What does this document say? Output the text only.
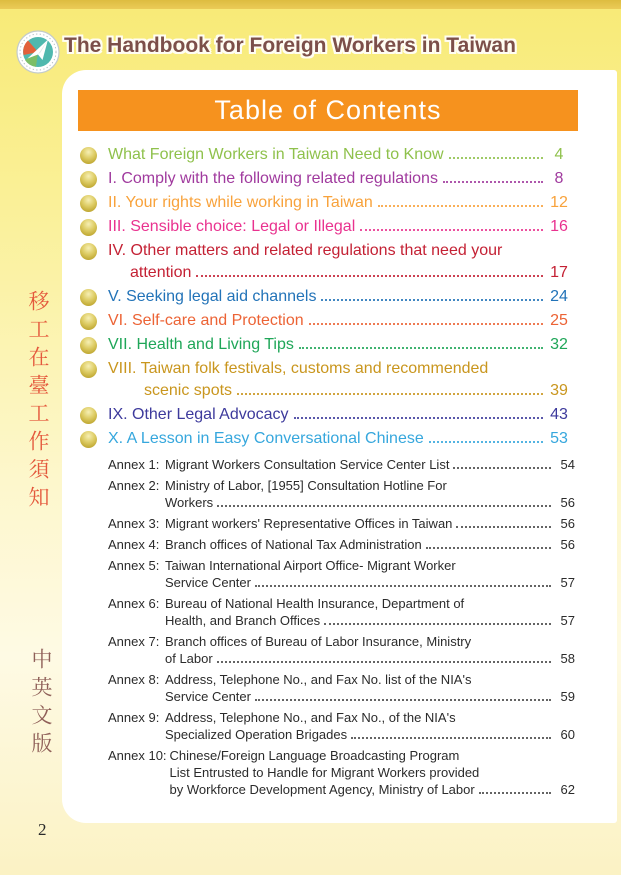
The Handbook for Foreign Workers in Taiwan
Table of Contents
What Foreign Workers in Taiwan Need to Know	4
I. Comply with the following related regulations	8
II. Your rights while working in Taiwan	12
III. Sensible choice: Legal or Illegal	16
IV. Other matters and related regulations that need your
attention	17
V. Seeking legal aid channels	24
VI. Self-care and Protection	25
VII. Health and Living Tips	32
VIII. Taiwan folk festivals, customs and recommended
scenic spots	39
IX. Other Legal Advocacy	43
X. A Lesson in Easy Conversational Chinese	53
Annex 1: Migrant Workers Consultation Service Center List	54
Annex 2: Ministry of Labor, [1955] Consultation Hotline For
Workers	56
Annex 3: Migrant workers' Representative Offices in Taiwan	56
Annex 4: Branch offices of National Tax Administration	56
Annex 5: Taiwan International Airport Office- Migrant Worker
Service Center	57
Annex 6: Bureau of National Health Insurance, Department of
Health, and Branch Offices	57
Annex 7: Branch offices of Bureau of Labor Insurance, Ministry
of Labor	58
Annex 8: Address, Telephone No., and Fax No. list of the NIA's
Service Center	59
Annex 9: Address, Telephone No., and Fax No., of the NIA's
Specialized Operation Brigades	60
Annex 10: Chinese/Foreign Language Broadcasting Program
List Entrusted to Handle for Migrant Workers provided
by Workforce Development Agency, Ministry of Labor	62
移工在臺工作須知
中英文版
2
